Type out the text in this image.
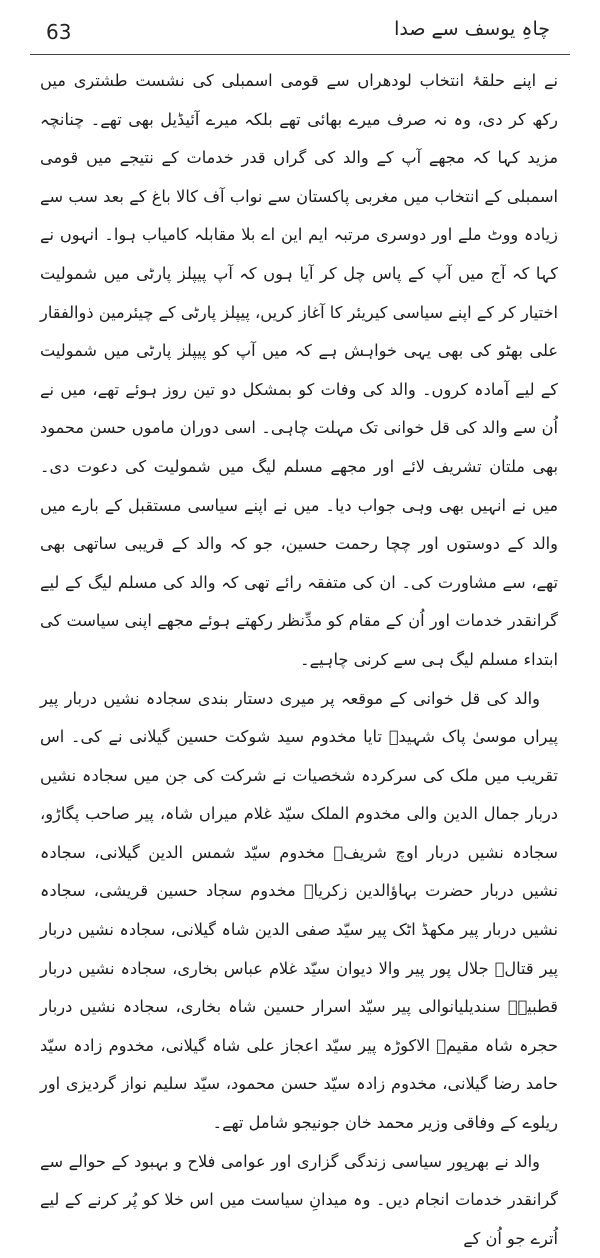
63	چاہِ یوسف سے صدا

نے اپنے حلقۂ انتخاب لودھراں سے قومی اسمبلی کی نشست طشتری میں رکھ کر دی، وہ نہ صرف میرے بھائی تھے بلکہ میرے آئیڈیل بھی تھے۔ چنانچہ مزید کہا کہ مجھے آپ کے والد کی گراں قدر خدمات کے نتیجے میں قومی اسمبلی کے انتخاب میں مغربی پاکستان سے نواب آف کالا باغ کے بعد سب سے زیادہ ووٹ ملے اور دوسری مرتبہ ایم این اے بلا مقابلہ کامیاب ہوا۔ انہوں نے کہا کہ آج میں آپ کے پاس چل کر آیا ہوں کہ آپ پیپلز پارٹی میں شمولیت اختیار کر کے اپنے سیاسی کیریئر کا آغاز کریں، پیپلز پارٹی کے چیئرمین ذوالفقار علی بھٹو کی بھی یہی خواہش ہے کہ میں آپ کو پیپلز پارٹی میں شمولیت کے لیے آمادہ کروں۔ والد کی وفات کو بمشکل دو تین روز ہوئے تھے، میں نے اُن سے والد کی قل خوانی تک مہلت چاہی۔ اسی دوران ماموں حسن محمود بھی ملتان تشریف لائے اور مجھے مسلم لیگ میں شمولیت کی دعوت دی۔ میں نے انہیں بھی وہی جواب دیا۔ میں نے اپنے سیاسی مستقبل کے بارے میں والد کے دوستوں اور چچا رحمت حسین، جو کہ والد کے قریبی ساتھی بھی تھے، سے مشاورت کی۔ ان کی متفقہ رائے تھی کہ والد کی مسلم لیگ کے لیے گرانقدر خدمات اور اُن کے مقام کو مدِّنظر رکھتے ہوئے مجھے اپنی سیاست کی ابتداء مسلم لیگ ہی سے کرنی چاہیے۔

والد کی قل خوانی کے موقعہ پر میری دستار بندی سجادہ نشیں دربار پیر پیراں موسیٰ پاک شہیدؒ تایا مخدوم سید شوکت حسین گیلانی نے کی۔ اس تقریب میں ملک کی سرکردہ شخصیات نے شرکت کی جن میں سجادہ نشیں دربار جمال الدین والی مخدوم الملک سیّد غلام میراں شاہ، پیر صاحب پگاڑو، سجادہ نشیں دربار اوچ شریفؒ مخدوم سیّد شمس الدین گیلانی، سجادہ نشیں دربار حضرت بہاؤالدین زکریاؒ مخدوم سجاد حسین قریشی، سجادہ نشیں دربار پیر مکھڈ اٹک پیر سیّد صفی الدین شاہ گیلانی، سجادہ نشیں دربار پیر قتالؒ جلال پور پیر والا دیوان سیّد غلام عباس بخاری، سجادہ نشیں دربار قطبیہؒ سندیلیانوالی پیر سیّد اسرار حسین شاہ بخاری، سجادہ نشیں دربار حجرہ شاہ مقیمؒ الاکوڑہ پیر سیّد اعجاز علی شاہ گیلانی، مخدوم زادہ سیّد حامد رضا گیلانی، مخدوم زادہ سیّد حسن محمود، سیّد سلیم نواز گردیزی اور ریلوے کے وفاقی وزیر محمد خان جونیجو شامل تھے۔

والد نے بھرپور سیاسی زندگی گزاری اور عوامی فلاح و بہبود کے حوالے سے گرانقدر خدمات انجام دیں۔ وہ میدانِ سیاست میں اس خلا کو پُر کرنے کے لیے اُترے جو اُن کے
